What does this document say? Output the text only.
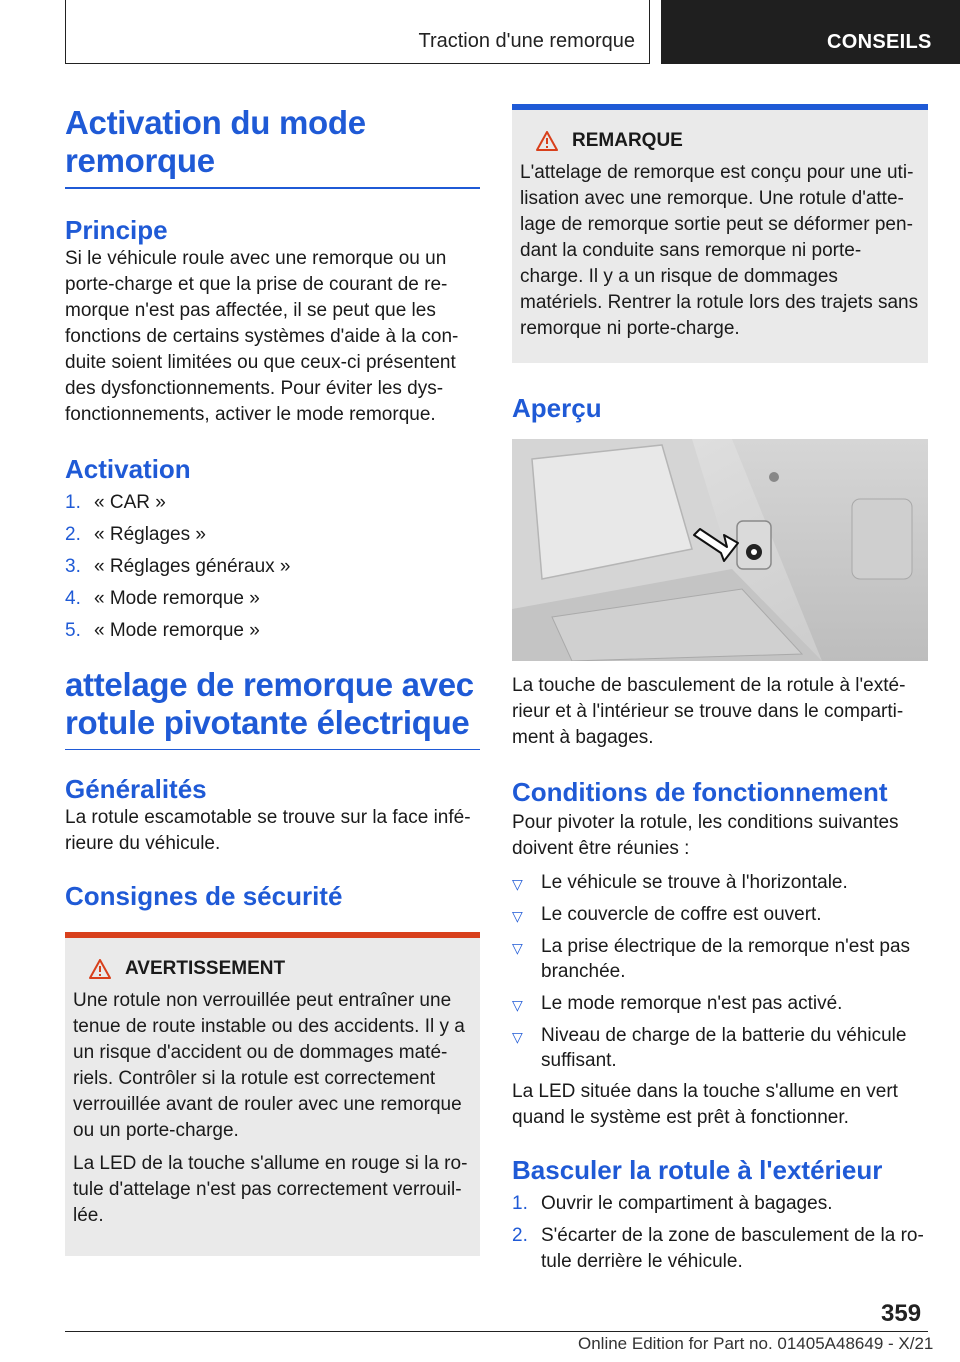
Traction d'une remorque	CONSEILS
Activation du mode remorque
Principe
Si le véhicule roule avec une remorque ou un porte-charge et que la prise de courant de remorque n'est pas affectée, il se peut que les fonctions de certains systèmes d'aide à la conduite soient limitées ou que ceux-ci présentent des dysfonctionnements. Pour éviter les dysfonctionnements, activer le mode remorque.
Activation
1. « CAR »
2. « Réglages »
3. « Réglages généraux »
4. « Mode remorque »
5. « Mode remorque »
attelage de remorque avec rotule pivotante électrique
Généralités
La rotule escamotable se trouve sur la face inférieure du véhicule.
Consignes de sécurité
AVERTISSEMENT
Une rotule non verrouillée peut entraîner une tenue de route instable ou des accidents. Il y a un risque d'accident ou de dommages matériels. Contrôler si la rotule est correctement verrouillée avant de rouler avec une remorque ou un porte-charge.
La LED de la touche s'allume en rouge si la rotule d'attelage n'est pas correctement verrouillée.
REMARQUE
L'attelage de remorque est conçu pour une utilisation avec une remorque. Une rotule d'attelage de remorque sortie peut se déformer pendant la conduite sans remorque ni porte-charge. Il y a un risque de dommages matériels. Rentrer la rotule lors des trajets sans remorque ni porte-charge.
Aperçu
La touche de basculement de la rotule à l'extérieur et à l'intérieur se trouve dans le compartiment à bagages.
Conditions de fonctionnement
Pour pivoter la rotule, les conditions suivantes doivent être réunies :
▽ Le véhicule se trouve à l'horizontale.
▽ Le couvercle de coffre est ouvert.
▽ La prise électrique de la remorque n'est pas branchée.
▽ Le mode remorque n'est pas activé.
▽ Niveau de charge de la batterie du véhicule suffisant.
La LED située dans la touche s'allume en vert quand le système est prêt à fonctionner.
Basculer la rotule à l'extérieur
1. Ouvrir le compartiment à bagages.
2. S'écarter de la zone de basculement de la rotule derrière le véhicule.
359
Online Edition for Part no. 01405A48649 - X/21
